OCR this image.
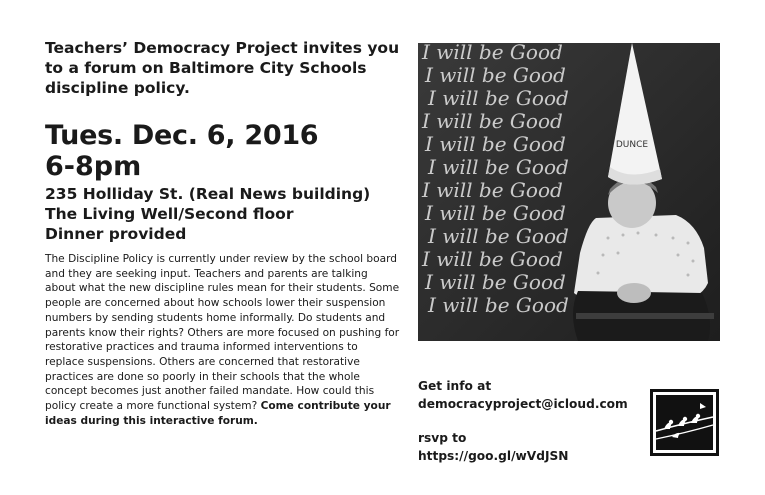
Teachers’ Democracy Project invites you to a forum on Baltimore City Schools discipline policy.

Tues. Dec. 6, 2016

6-8pm

235 Holliday St. (Real News building)
The Living Well/Second floor
Dinner provided

The Discipline Policy is currently under review by the school board and they are seeking input. Teachers and parents are talking about what the new discipline rules mean for their students. Some people are concerned about how schools lower their suspension numbers by sending students home informally. Do students and parents know their rights? Others are more focused on pushing for restorative practices and trauma informed interventions to replace suspensions. Others are concerned that restorative practices are done so poorly in their schools that the whole concept becomes just another failed mandate. How could this policy create a more functional system? Come contribute your ideas during this interactive forum.

I will be Good
I will be Good
I will be Good
I will be Good
I will be Good
I will be Good
I will be Good
I will be Good
I will be Good
I will be Good
I will be Good
I will be Good
DUNCE

Get info at

democracyproject@icloud.com

rsvp to

https://goo.gl/wVdJSN
